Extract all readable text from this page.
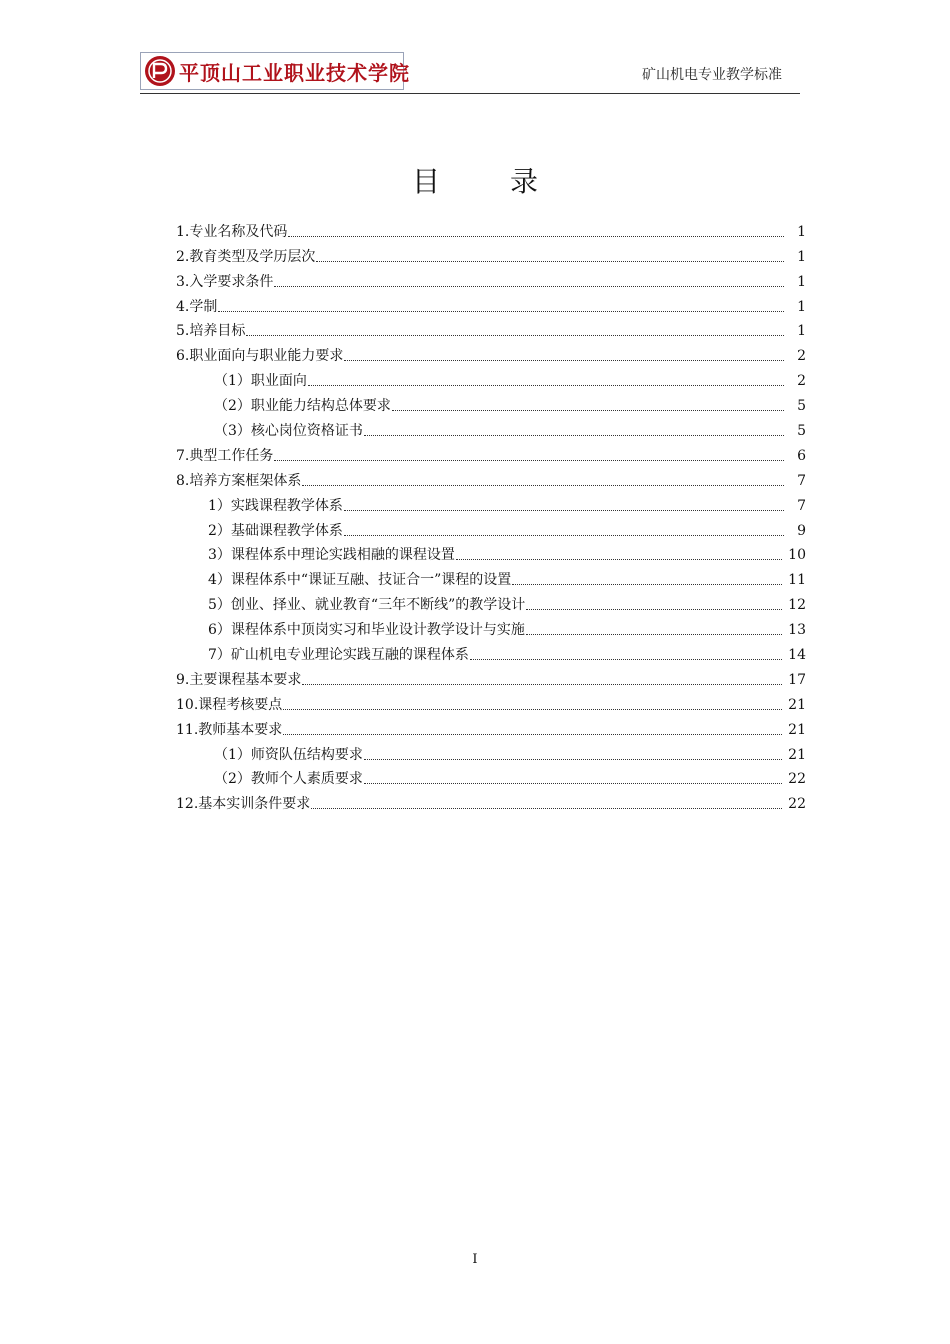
平顶山工业职业技术学院	矿山机电专业教学标准
目录
1.专业名称及代码	1
2.教育类型及学历层次	1
3.入学要求条件	1
4.学制	1
5.培养目标	1
6.职业面向与职业能力要求	2
（1）职业面向	2
（2）职业能力结构总体要求	5
（3）核心岗位资格证书	5
7.典型工作任务	6
8.培养方案框架体系	7
1）实践课程教学体系	7
2）基础课程教学体系	9
3）课程体系中理论实践相融的课程设置	10
4）课程体系中“课证互融、技证合一”课程的设置	11
5）创业、择业、就业教育“三年不断线”的教学设计	12
6）课程体系中顶岗实习和毕业设计教学设计与实施	13
7）矿山机电专业理论实践互融的课程体系	14
9.主要课程基本要求	17
10.课程考核要点	21
11.教师基本要求	21
（1）师资队伍结构要求	21
（2）教师个人素质要求	22
12.基本实训条件要求	22
I
